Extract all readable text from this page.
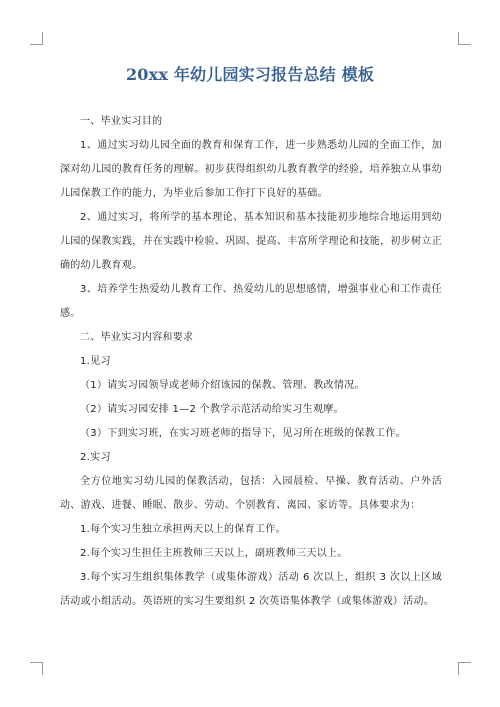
20xx 年幼儿园实习报告总结 模板

一、毕业实习目的

1、通过实习幼儿园全面的教育和保育工作，进一步熟悉幼儿园的全面工作，加深对幼儿园的教育任务的理解。初步获得组织幼儿教育教学的经验，培养独立从事幼儿园保教工作的能力，为毕业后参加工作打下良好的基础。

2、通过实习，将所学的基本理论、基本知识和基本技能初步地综合地运用到幼儿园的保教实践，并在实践中检验、巩固、提高、丰富所学理论和技能，初步树立正确的幼儿教育观。

3、培养学生热爱幼儿教育工作、热爱幼儿的思想感情，增强事业心和工作责任感。

二、毕业实习内容和要求

1.见习

（1）请实习园领导或老师介绍该园的保教、管理、教改情况。

（2）请实习园安排 1—2 个教学示范活动给实习生观摩。

（3）下到实习班，在实习班老师的指导下，见习所在班级的保教工作。

2.实习

全方位地实习幼儿园的保教活动，包括：入园晨检、早操、教育活动、户外活动、游戏、进餐、睡眠、散步、劳动、个别教育、离园、家访等。具体要求为：

1.每个实习生独立承担两天以上的保育工作。

2.每个实习生担任主班教师三天以上，副班教师三天以上。

3.每个实习生组织集体教学（或集体游戏）活动 6 次以上，组织 3 次以上区域活动或小组活动。英语班的实习生要组织 2 次英语集体教学（或集体游戏）活动。
